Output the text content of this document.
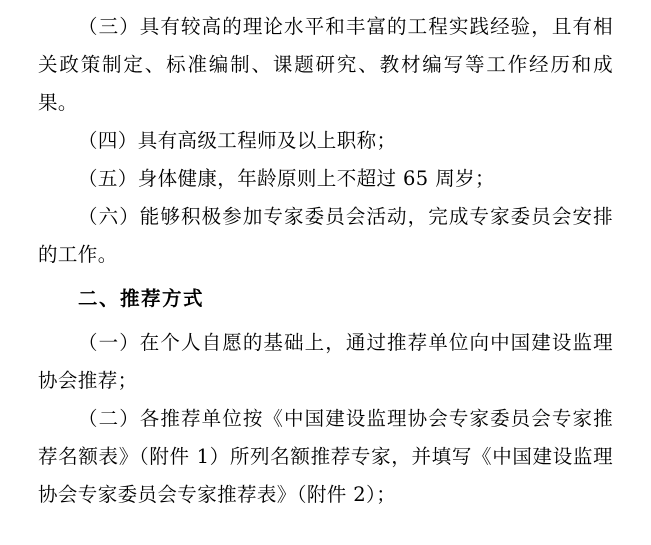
（三）具有较高的理论水平和丰富的工程实践经验，且有相关政策制定、标准编制、课题研究、教材编写等工作经历和成果。

（四）具有高级工程师及以上职称；

（五）身体健康，年龄原则上不超过 65 周岁；

（六）能够积极参加专家委员会活动，完成专家委员会安排的工作。

二、推荐方式

（一）在个人自愿的基础上，通过推荐单位向中国建设监理协会推荐；

（二）各推荐单位按《中国建设监理协会专家委员会专家推荐名额表》（附件 1）所列名额推荐专家，并填写《中国建设监理协会专家委员会专家推荐表》（附件 2）；
